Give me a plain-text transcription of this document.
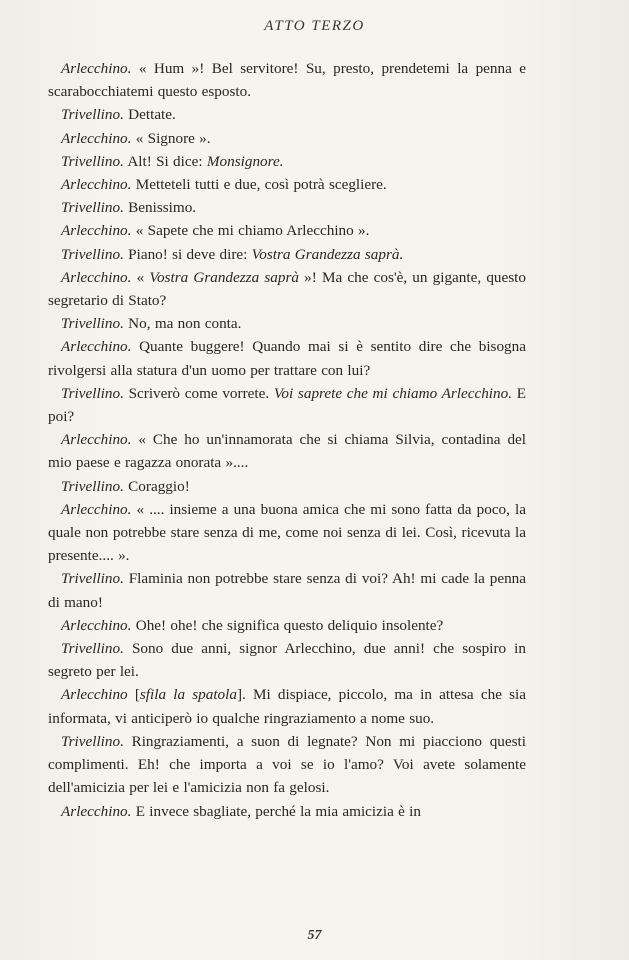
ATTO TERZO

Arlecchino. « Hum »! Bel servitore! Su, presto, prendetemi la penna e scarabocchiatemi questo esposto.

Trivellino. Dettate.

Arlecchino. « Signore ».

Trivellino. Alt! Si dice: Monsignore.

Arlecchino. Metteteli tutti e due, così potrà scegliere.

Trivellino. Benissimo.

Arlecchino. « Sapete che mi chiamo Arlecchino ».

Trivellino. Piano! si deve dire: Vostra Grandezza saprà.

Arlecchino. « Vostra Grandezza saprà »! Ma che cos'è, un gigante, questo segretario di Stato?

Trivellino. No, ma non conta.

Arlecchino. Quante buggere! Quando mai si è sentito dire che bisogna rivolgersi alla statura d'un uomo per trattare con lui?

Trivellino. Scriverò come vorrete. Voi saprete che mi chiamo Arlecchino. E poi?

Arlecchino. « Che ho un'innamorata che si chiama Silvia, contadina del mio paese e ragazza onorata »....

Trivellino. Coraggio!

Arlecchino. « .... insieme a una buona amica che mi sono fatta da poco, la quale non potrebbe stare senza di me, come noi senza di lei. Così, ricevuta la presente.... ».

Trivellino. Flaminia non potrebbe stare senza di voi? Ah! mi cade la penna di mano!

Arlecchino. Ohe! ohe! che significa questo deliquio insolente?

Trivellino. Sono due anni, signor Arlecchino, due anni! che sospiro in segreto per lei.

Arlecchino [sfila la spatola]. Mi dispiace, piccolo, ma in attesa che sia informata, vi anticiperò io qualche ringraziamento a nome suo.

Trivellino. Ringraziamenti, a suon di legnate? Non mi piacciono questi complimenti. Eh! che importa a voi se io l'amo? Voi avete solamente dell'amicizia per lei e l'amicizia non fa gelosi.

Arlecchino. E invece sbagliate, perché la mia amicizia è in

57
